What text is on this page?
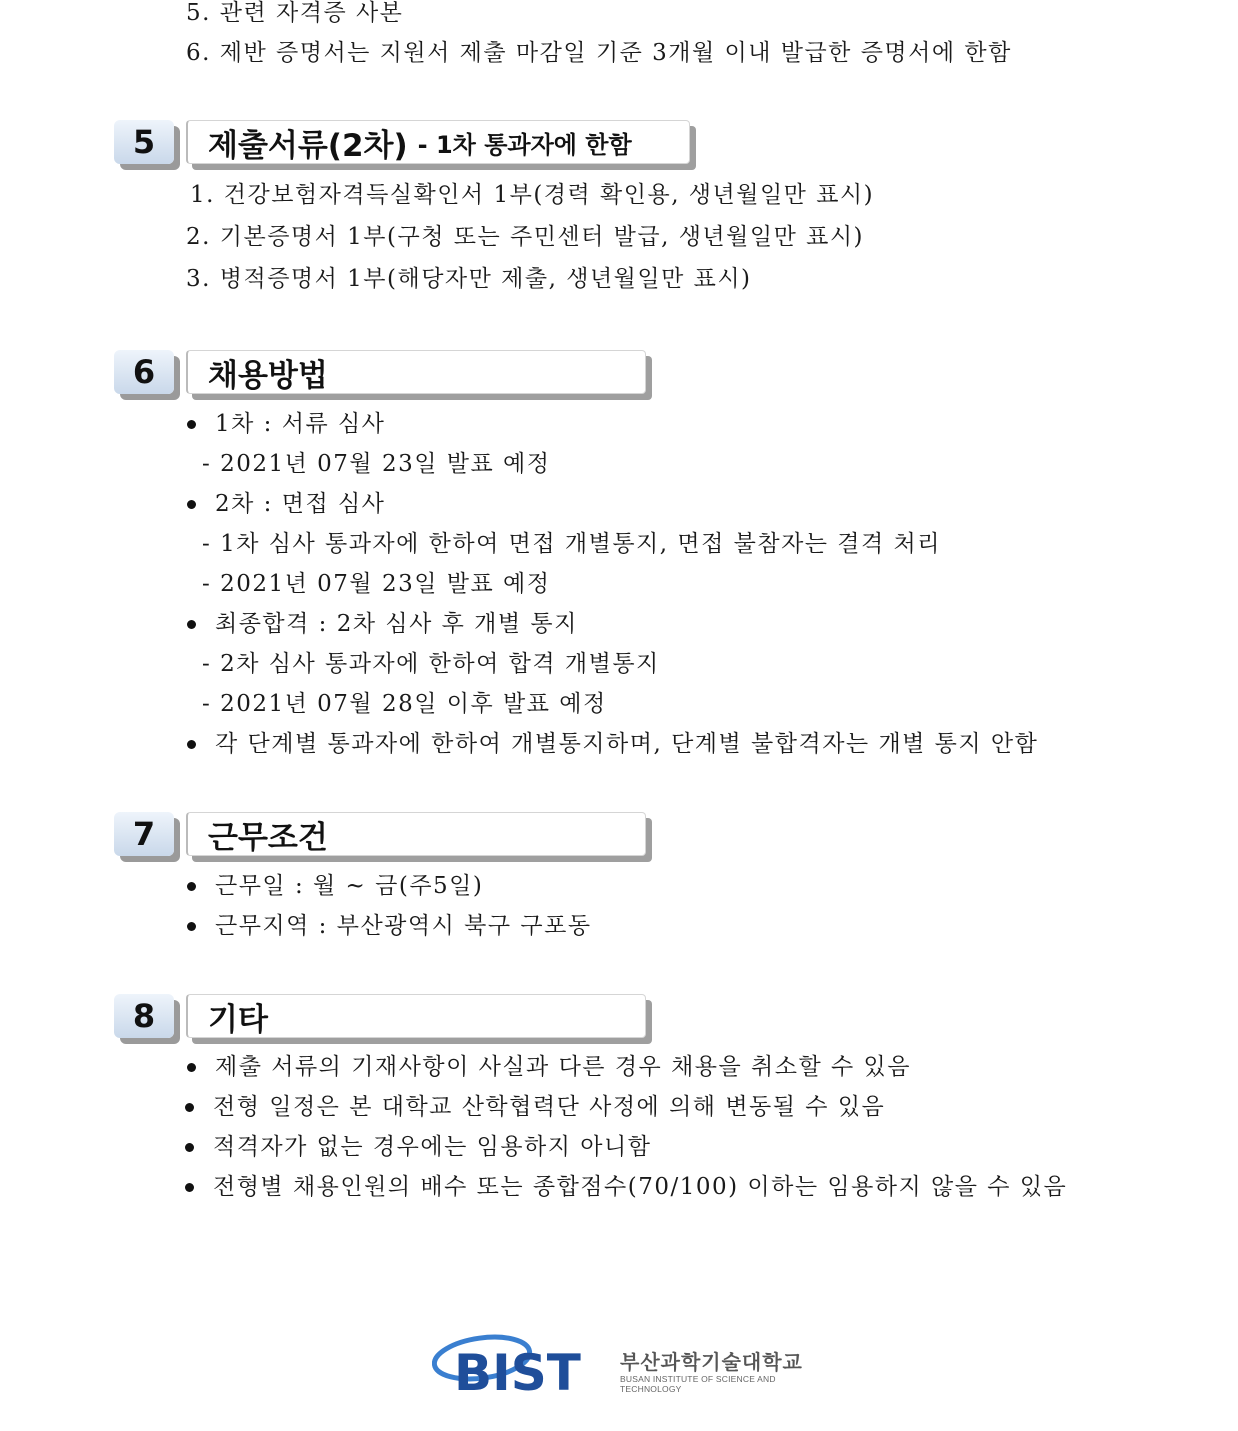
5. 관련 자격증 사본
6. 제반 증명서는 지원서 제출 마감일 기준 3개월 이내 발급한 증명서에 한함
5	제출서류(2차) - 1차 통과자에 한함
1. 건강보험자격득실확인서 1부(경력 확인용, 생년월일만 표시)
2. 기본증명서 1부(구청 또는 주민센터 발급, 생년월일만 표시)
3. 병적증명서 1부(해당자만 제출, 생년월일만 표시)
6	채용방법
1차 : 서류 심사
- 2021년 07월 23일 발표 예정
2차 : 면접 심사
- 1차 심사 통과자에 한하여 면접 개별통지, 면접 불참자는 결격 처리
- 2021년 07월 23일 발표 예정
최종합격 : 2차 심사 후 개별 통지
- 2차 심사 통과자에 한하여 합격 개별통지
- 2021년 07월 28일 이후 발표 예정
각 단계별 통과자에 한하여 개별통지하며, 단계별 불합격자는 개별 통지 안함
7	근무조건
근무일 : 월 ~ 금(주5일)
근무지역 : 부산광역시 북구 구포동
8	기타
제출 서류의 기재사항이 사실과 다른 경우 채용을 취소할 수 있음
전형 일정은 본 대학교 산학협력단 사정에 의해 변동될 수 있음
적격자가 없는 경우에는 임용하지 아니함
전형별 채용인원의 배수 또는 종합점수(70/100) 이하는 임용하지 않을 수 있음
BIST 부산과학기술대학교
BUSAN INSTITUTE OF SCIENCE AND TECHNOLOGY
